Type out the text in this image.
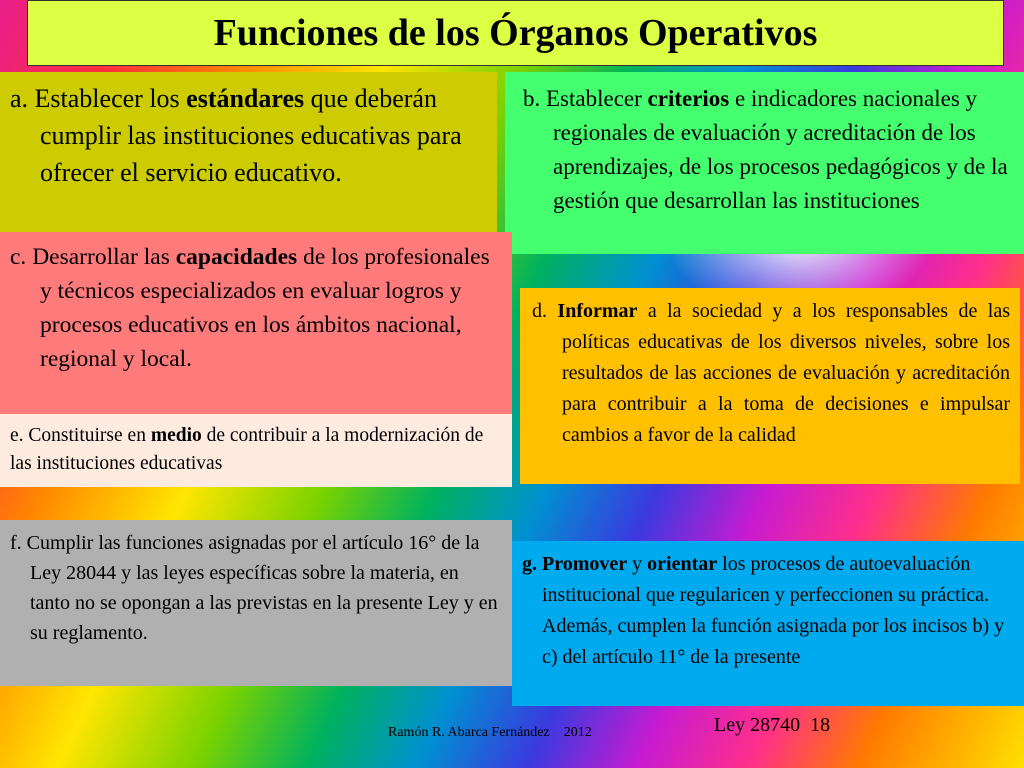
Funciones de los Órganos Operativos

a. Establecer los estándares que deberán cumplir las instituciones educativas para ofrecer el servicio educativo.

b. Establecer criterios e indicadores nacionales y regionales de evaluación y acreditación de los aprendizajes, de los procesos pedagógicos y de la gestión que desarrollan las instituciones

c. Desarrollar las capacidades de los profesionales y técnicos especializados en evaluar logros y procesos educativos en los ámbitos nacional, regional y local.

d. Informar a la sociedad y a los responsables de las políticas educativas de los diversos niveles, sobre los resultados de las acciones de evaluación y acreditación para contribuir a la toma de decisiones e impulsar cambios a favor de la calidad

e. Constituirse en medio de contribuir a la modernización de las instituciones educativas

f. Cumplir las funciones asignadas por el artículo 16° de la Ley 28044 y las leyes específicas sobre la materia, en tanto no se opongan a las previstas en la presente Ley y en su reglamento.

g. Promover y orientar los procesos de autoevaluación institucional que regularicen y perfeccionen su práctica. Además, cumplen la función asignada por los incisos b) y c) del artículo 11° de la presente

Ramón R. Abarca Fernández    2012	Ley 28740  18
